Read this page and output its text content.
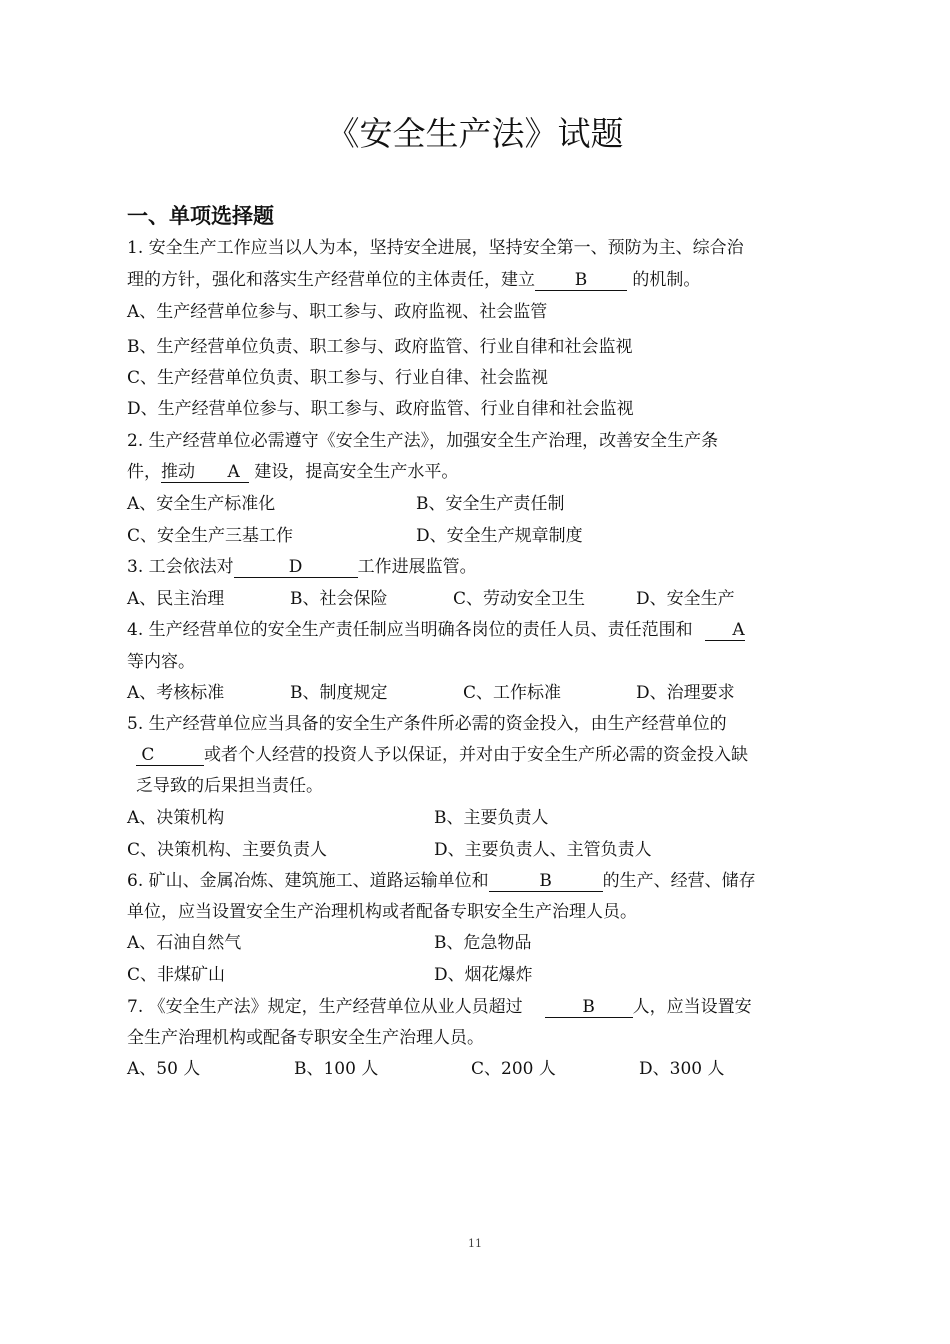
《安全生产法》试题
一、单项选择题
1. 安全生产工作应当以人为本，坚持安全进展，坚持安全第一、预防为主、综合治
理的方针，强化和落实生产经营单位的主体责任，建立 B	的机制。
A、生产经营单位参与、职工参与、政府监视、社会监管
B、生产经营单位负责、职工参与、政府监管、行业自律和社会监视
C、生产经营单位负责、职工参与、行业自律、社会监视
D、生产经营单位参与、职工参与、政府监管、行业自律和社会监视
2. 生产经营单位必需遵守《安全生产法》，加强安全生产治理，改善安全生产条
件，推动 A 建设，提高安全生产水平。
A、安全生产标准化	B、安全生产责任制
C、安全生产三基工作	D、安全生产规章制度
3. 工会依法对	D	工作进展监管。
A、民主治理	B、社会保险	C、劳动安全卫生	D、安全生产
4. 生产经营单位的安全生产责任制应当明确各岗位的责任人员、责任范围和 A
等内容。
A、考核标准	B、制度规定	C、工作标准	D、治理要求
5. 生产经营单位应当具备的安全生产条件所必需的资金投入，由生产经营单位的
C	或者个人经营的投资人予以保证，并对由于安全生产所必需的资金投入缺
乏导致的后果担当责任。
A、决策机构	B、主要负责人
C、决策机构、主要负责人	D、主要负责人、主管负责人
6. 矿山、金属冶炼、建筑施工、道路运输单位和	B	的生产、经营、储存
单位，应当设置安全生产治理机构或者配备专职安全生产治理人员。
A、石油自然气	B、危急物品
C、非煤矿山	D、烟花爆炸
7. 《安全生产法》规定，生产经营单位从业人员超过	B 人，应当设置安
全生产治理机构或配备专职安全生产治理人员。
A、50 人	B、100 人	C、200 人	D、300 人
11
